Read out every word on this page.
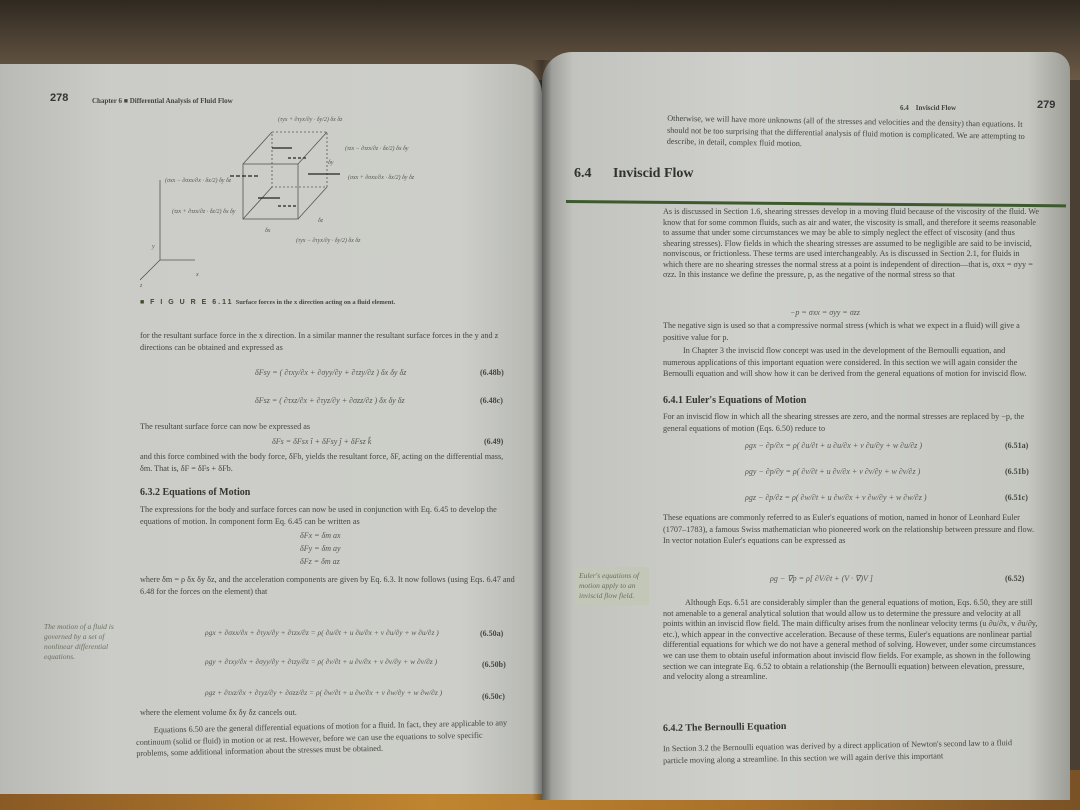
278	Chapter 6 ■ Differential Analysis of Fluid Flow
(τyx + ∂τyx/∂y · δy/2) δx δz
(τzx − ∂τzx/∂z · δz/2) δx δy
(σxx − ∂σxx/∂x · δx/2) δy δz	(σxx + ∂σxx/∂x · δx/2) δy δz
(τzx + ∂τzx/∂z · δz/2) δx δy
(τyx − ∂τyx/∂y · δy/2) δx δz
δx
δy
δz
x
y
z
■ F I G U R E 6.11 Surface forces in the x direction acting on a fluid element.
for the resultant surface force in the x direction. In a similar manner the resultant surface forces in the y and z directions can be obtained and expressed as
δFsy = ( ∂τxy/∂x + ∂σyy/∂y + ∂τzy/∂z ) δx δy δz	(6.48b)
δFsz = ( ∂τxz/∂x + ∂τyz/∂y + ∂σzz/∂z ) δx δy δz	(6.48c)
The resultant surface force can now be expressed as
δFs = δFsx î + δFsy ĵ + δFsz k̂	(6.49)
and this force combined with the body force, δFb, yields the resultant force, δF, acting on the differential mass, δm. That is, δF = δFs + δFb.
6.3.2 Equations of Motion
The expressions for the body and surface forces can now be used in conjunction with Eq. 6.45 to develop the equations of motion. In component form Eq. 6.45 can be written as
δFx = δm ax
δFy = δm ay
δFz = δm az
where δm = ρ δx δy δz, and the acceleration components are given by Eq. 6.3. It now follows (using Eqs. 6.47 and 6.48 for the forces on the element) that
The motion of a fluid is governed by a set of nonlinear differential equations.
ρgx + ∂σxx/∂x + ∂τyx/∂y + ∂τzx/∂z = ρ( ∂u/∂t + u ∂u/∂x + v ∂u/∂y + w ∂u/∂z )	(6.50a)
ρgy + ∂τxy/∂x + ∂σyy/∂y + ∂τzy/∂z = ρ( ∂v/∂t + u ∂v/∂x + v ∂v/∂y + w ∂v/∂z )	(6.50b)
ρgz + ∂τxz/∂x + ∂τyz/∂y + ∂σzz/∂z = ρ( ∂w/∂t + u ∂w/∂x + v ∂w/∂y + w ∂w/∂z )	(6.50c)
where the element volume δx δy δz cancels out.
Equations 6.50 are the general differential equations of motion for a fluid. In fact, they are applicable to any continuum (solid or fluid) in motion or at rest. However, before we can use the equations to solve specific problems, some additional information about the stresses must be obtained.
6.4 Inviscid Flow	279
Otherwise, we will have more unknowns (all of the stresses and velocities and the density) than equations. It should not be too surprising that the differential analysis of fluid motion is complicated. We are attempting to describe, in detail, complex fluid motion.
6.4 Inviscid Flow
As is discussed in Section 1.6, shearing stresses develop in a moving fluid because of the viscosity of the fluid. We know that for some common fluids, such as air and water, the viscosity is small, and therefore it seems reasonable to assume that under some circumstances we may be able to simply neglect the effect of viscosity (and thus shearing stresses). Flow fields in which the shearing stresses are assumed to be negligible are said to be inviscid, nonviscous, or frictionless. These terms are used interchangeably. As is discussed in Section 2.1, for fluids in which there are no shearing stresses the normal stress at a point is independent of direction—that is, σxx = σyy = σzz. In this instance we define the pressure, p, as the negative of the normal stress so that
−p = σxx = σyy = σzz
The negative sign is used so that a compressive normal stress (which is what we expect in a fluid) will give a positive value for p.
In Chapter 3 the inviscid flow concept was used in the development of the Bernoulli equation, and numerous applications of this important equation were considered. In this section we will again consider the Bernoulli equation and will show how it can be derived from the general equations of motion for inviscid flow.
6.4.1 Euler's Equations of Motion
For an inviscid flow in which all the shearing stresses are zero, and the normal stresses are replaced by −p, the general equations of motion (Eqs. 6.50) reduce to
ρgx − ∂p/∂x = ρ( ∂u/∂t + u ∂u/∂x + v ∂u/∂y + w ∂u/∂z )	(6.51a)
ρgy − ∂p/∂y = ρ( ∂v/∂t + u ∂v/∂x + v ∂v/∂y + w ∂v/∂z )	(6.51b)
ρgz − ∂p/∂z = ρ( ∂w/∂t + u ∂w/∂x + v ∂w/∂y + w ∂w/∂z )	(6.51c)
These equations are commonly referred to as Euler's equations of motion, named in honor of Leonhard Euler (1707–1783), a famous Swiss mathematician who pioneered work on the relationship between pressure and flow. In vector notation Euler's equations can be expressed as
ρg − ∇p = ρ[ ∂V/∂t + (V · ∇)V ]	(6.52)
Euler's equations of motion apply to an inviscid flow field.
Although Eqs. 6.51 are considerably simpler than the general equations of motion, Eqs. 6.50, they are still not amenable to a general analytical solution that would allow us to determine the pressure and velocity at all points within an inviscid flow field. The main difficulty arises from the nonlinear velocity terms (u ∂u/∂x, v ∂u/∂y, etc.), which appear in the convective acceleration. Because of these terms, Euler's equations are nonlinear partial differential equations for which we do not have a general method of solving. However, under some circumstances we can use them to obtain useful information about inviscid flow fields. For example, as shown in the following section we can integrate Eq. 6.52 to obtain a relationship (the Bernoulli equation) between elevation, pressure, and velocity along a streamline.
6.4.2 The Bernoulli Equation
In Section 3.2 the Bernoulli equation was derived by a direct application of Newton's second law to a fluid particle moving along a streamline. In this section we will again derive this important
